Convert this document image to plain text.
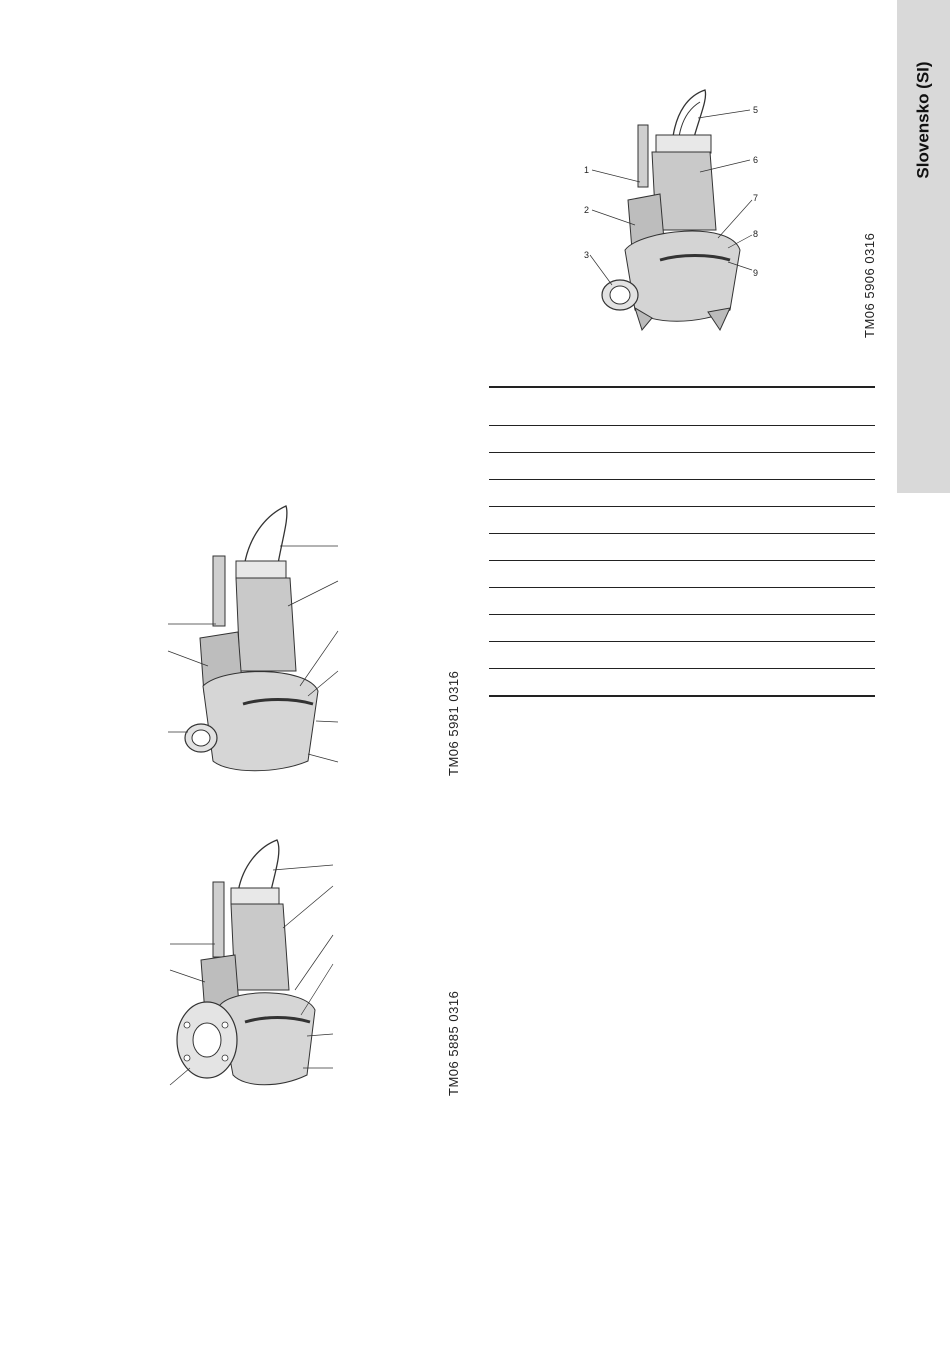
Slovensko (SI)
1
2
3
5
6
7
8
9	TM06 5906 0316
TM06 5981 0316
TM06 5885 0316
